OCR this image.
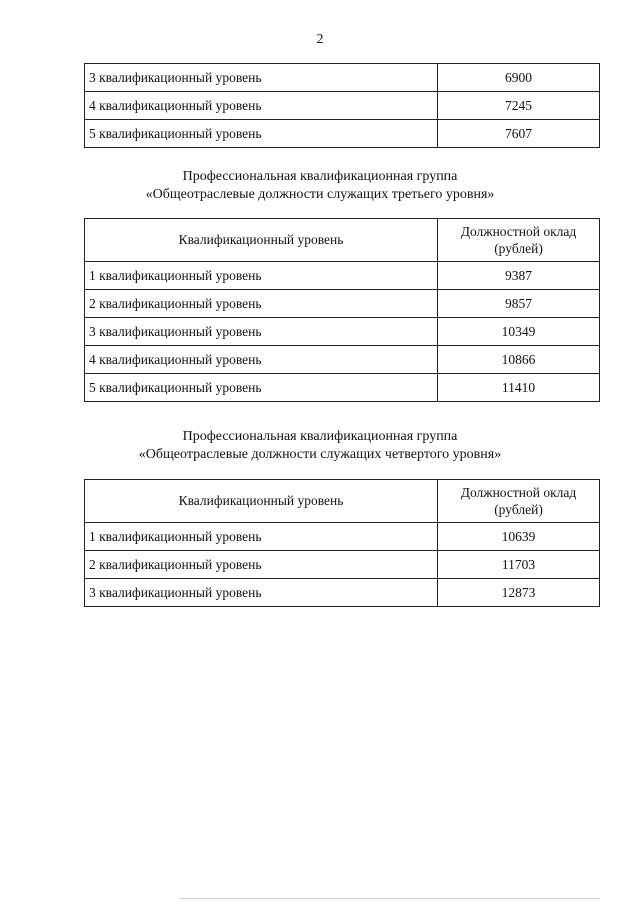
2
3 квалификационный уровень	6900
4 квалификационный уровень	7245
5 квалификационный уровень	7607
Профессиональная квалификационная группа
«Общеотраслевые должности служащих третьего уровня»
Квалификационный уровень	Должностной оклад
(рублей)

1 квалификационный уровень	9387
2 квалификационный уровень	9857
3 квалификационный уровень	10349
4 квалификационный уровень	10866
5 квалификационный уровень	11410
Профессиональная квалификационная группа
«Общеотраслевые должности служащих четвертого уровня»
Квалификационный уровень	Должностной оклад
(рублей)

1 квалификационный уровень	10639
2 квалификационный уровень	11703
3 квалификационный уровень	12873
